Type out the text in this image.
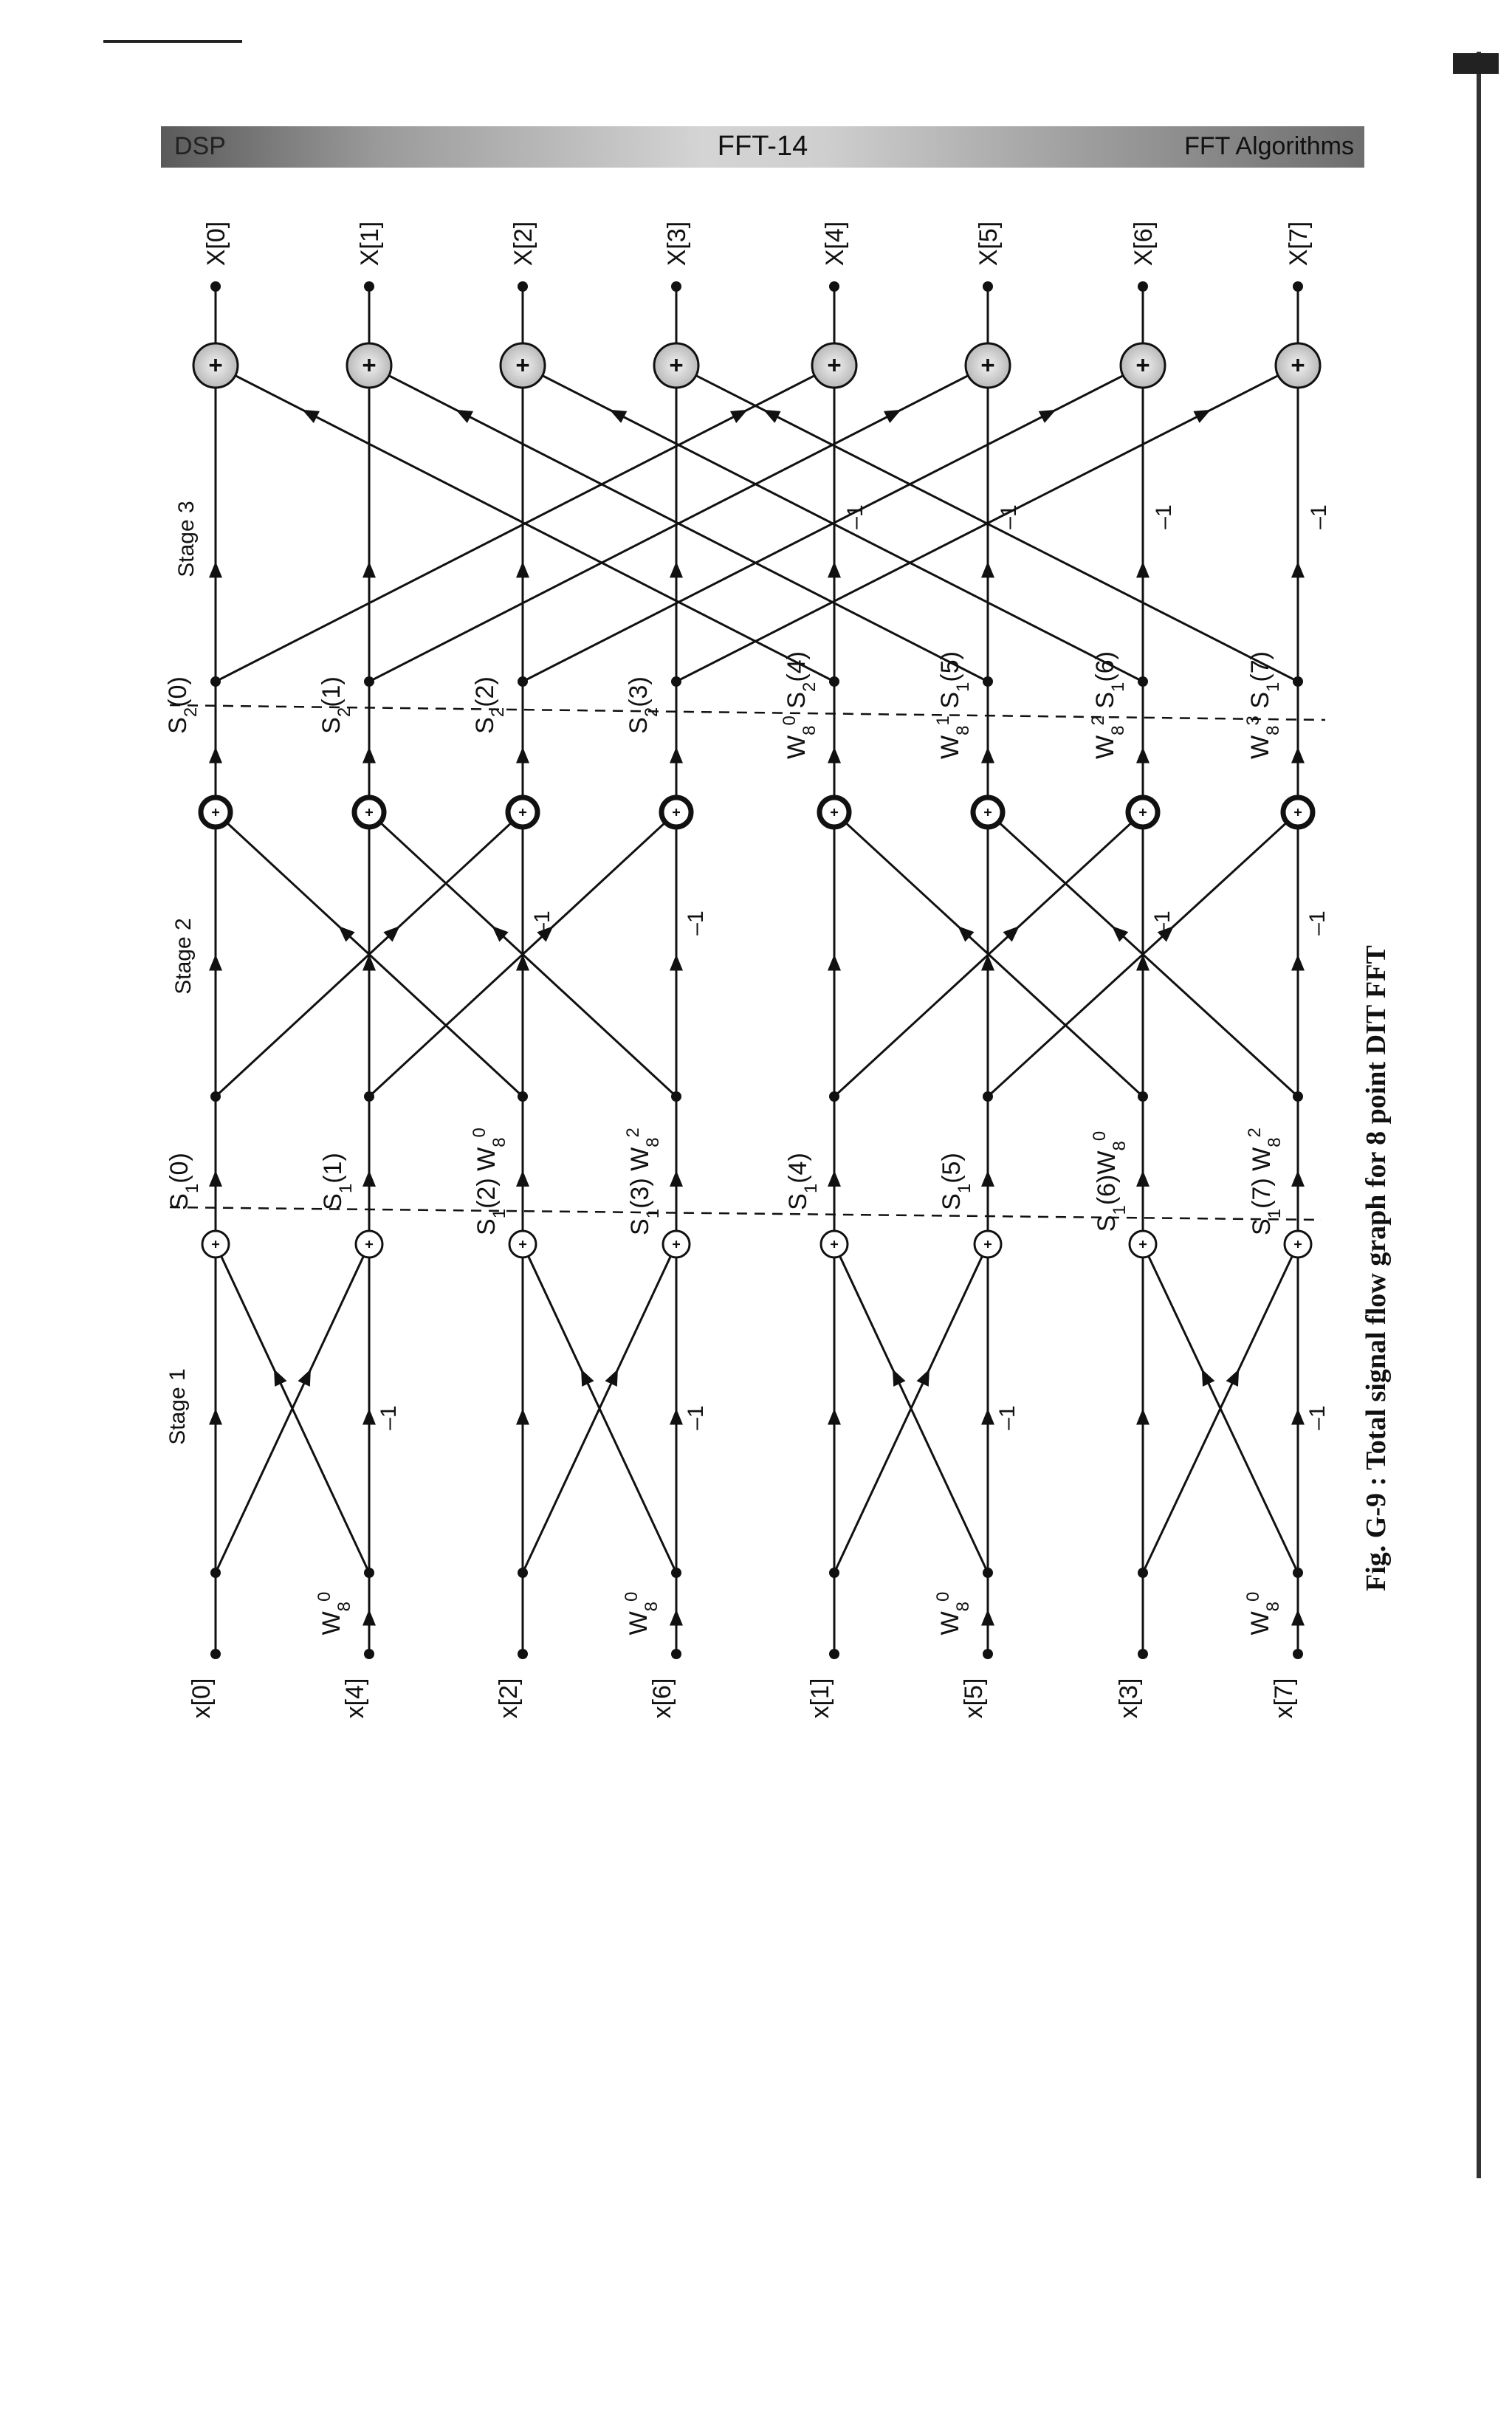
DSP	FFT-14	FFT Algorithms
+
+
+
+
+
+
+
+
+
+
+
+
+
+
+
+
+
+
+
+
+
+
+
+
x[0]
X[0]
x[4]
X[1]
x[2]
X[2]
x[6]
X[3]
x[1]
X[4]
x[5]
X[5]
x[3]
X[6]
x[7]
X[7]
Stage 1
Stage 2
Stage 3
$W_8^0$
$W_8^0$
$W_8^0$
$W_8^0$
–1
–1
–1
–1
–1
–1
–1
–1
–1
–1
–1
–1
$S_1(0)$
$S_1(1)$
$S_1(2)$ $W_8^0$
$S_1(3)$ $W_8^2$
$S_1(4)$
$S_1(5)$
$S_1(6)W_8^0$
$S_1(7)$ $W_8^2$
$S_2(0)$
$S_2(1)$
$S_2(2)$
$S_2(3)$
$W_8^0$ $S_2(4)$
$W_8^1$ $S_1(5)$
$W_8^2$ $S_1(6)$
$W_8^3$ $S_1(7)$
Fig. G-9 : Total signal flow graph for 8 point DIT FFT
